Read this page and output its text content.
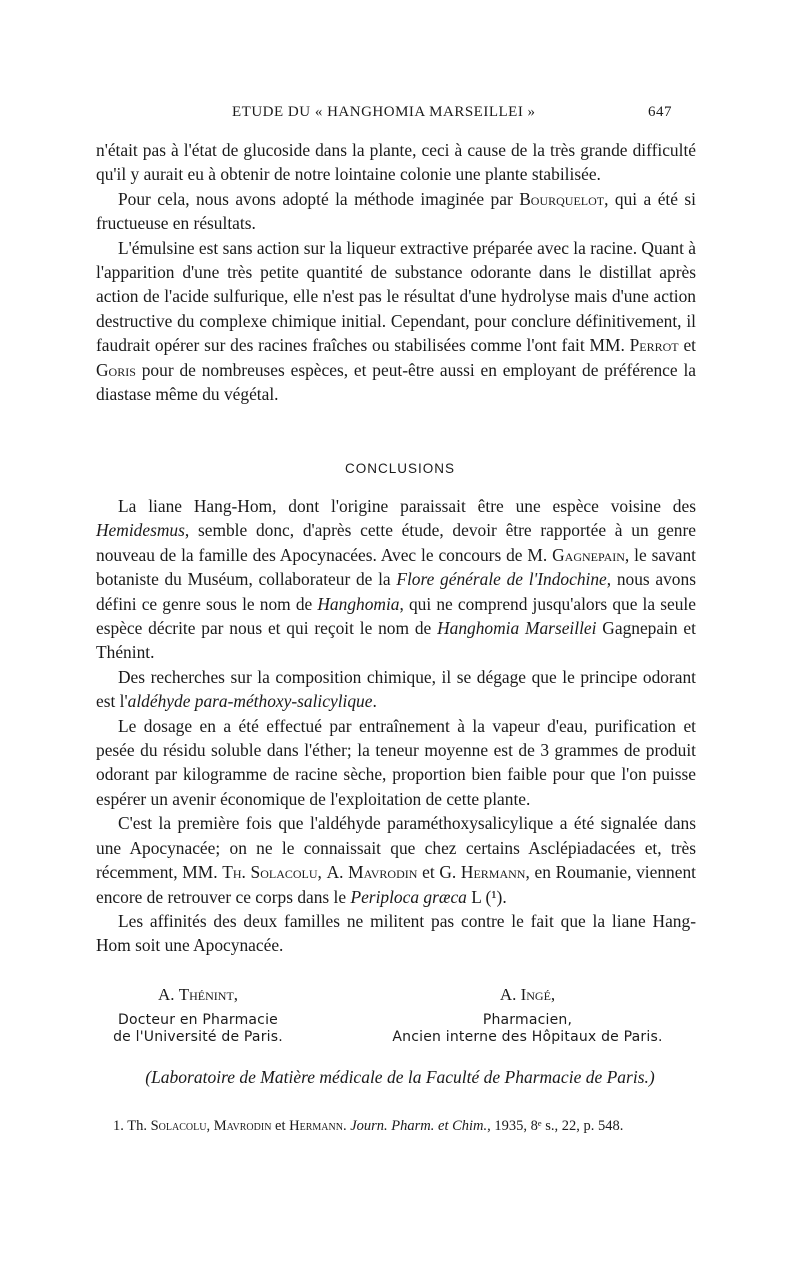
ETUDE DU « HANGHOMIA MARSEILLEI »	647

n'était pas à l'état de glucoside dans la plante, ceci à cause de la très grande difficulté qu'il y aurait eu à obtenir de notre lointaine colonie une plante stabilisée.

Pour cela, nous avons adopté la méthode imaginée par Bourquelot, qui a été si fructueuse en résultats.

L'émulsine est sans action sur la liqueur extractive préparée avec la racine. Quant à l'apparition d'une très petite quantité de substance odorante dans le distillat après action de l'acide sulfurique, elle n'est pas le résultat d'une hydrolyse mais d'une action destructive du complexe chimique initial. Cependant, pour conclure définitivement, il faudrait opérer sur des racines fraîches ou stabilisées comme l'ont fait MM. Perrot et Goris pour de nombreuses espèces, et peut-être aussi en employant de préférence la diastase même du végétal.

CONCLUSIONS

La liane Hang-Hom, dont l'origine paraissait être une espèce voisine des Hemidesmus, semble donc, d'après cette étude, devoir être rapportée à un genre nouveau de la famille des Apocynacées. Avec le concours de M. Gagnepain, le savant botaniste du Muséum, collaborateur de la Flore générale de l'Indochine, nous avons défini ce genre sous le nom de Hanghomia, qui ne comprend jusqu'alors que la seule espèce décrite par nous et qui reçoit le nom de Hanghomia Marseillei Gagnepain et Thénint.

Des recherches sur la composition chimique, il se dégage que le principe odorant est l'aldéhyde para-méthoxy-salicylique.

Le dosage en a été effectué par entraînement à la vapeur d'eau, purification et pesée du résidu soluble dans l'éther; la teneur moyenne est de 3 grammes de produit odorant par kilogramme de racine sèche, proportion bien faible pour que l'on puisse espérer un avenir économique de l'exploitation de cette plante.

C'est la première fois que l'aldéhyde paraméthoxysalicylique a été signalée dans une Apocynacée; on ne le connaissait que chez certains Asclépiadacées et, très récemment, MM. Th. Solacolu, A. Mavrodin et G. Hermann, en Roumanie, viennent encore de retrouver ce corps dans le Periploca græca L (¹).

Les affinités des deux familles ne militent pas contre le fait que la liane Hang-Hom soit une Apocynacée.

A. Thénint,
Docteur en Pharmacie
de l'Université de Paris.
A. Ingé,
Pharmacien,
Ancien interne des Hôpitaux de Paris.
(Laboratoire de Matière médicale de la Faculté de Pharmacie de Paris.)
1. Th. Solacolu, Mavrodin et Hermann. Journ. Pharm. et Chim., 1935, 8ᵉ s., 22, p. 548.
